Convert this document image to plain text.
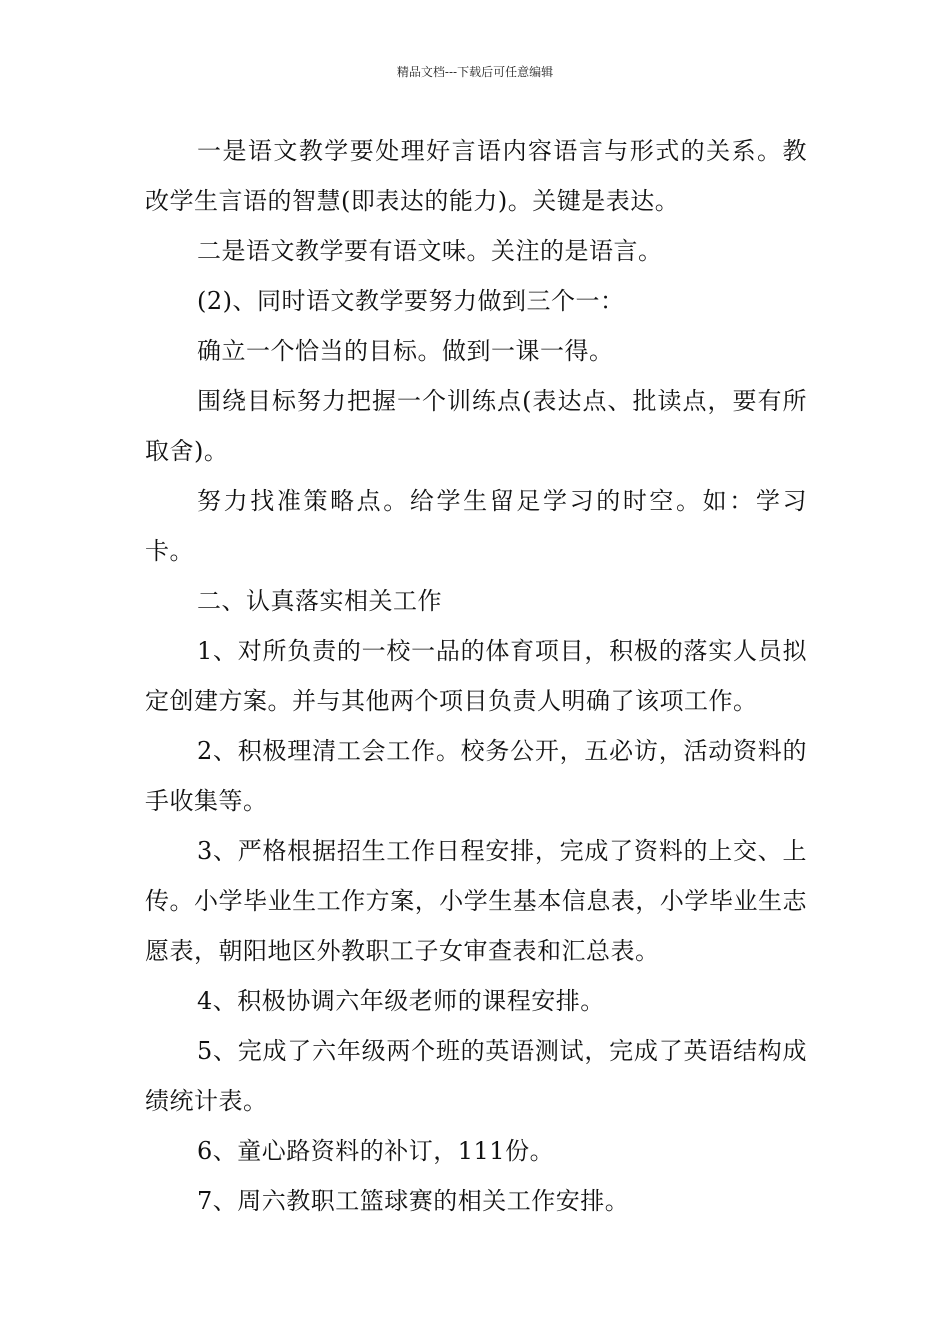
精品文档---下载后可任意编辑

一是语文教学要处理好言语内容语言与形式的关系。教改学生言语的智慧(即表达的能力)。关键是表达。

二是语文教学要有语文味。关注的是语言。

(2)、同时语文教学要努力做到三个一：

确立一个恰当的目标。做到一课一得。

围绕目标努力把握一个训练点(表达点、批读点，要有所取舍)。

努力找准策略点。给学生留足学习的时空。如：学习卡。

二、认真落实相关工作

1、对所负责的一校一品的体育项目，积极的落实人员拟定创建方案。并与其他两个项目负责人明确了该项工作。

2、积极理清工会工作。校务公开，五必访，活动资料的手收集等。

3、严格根据招生工作日程安排，完成了资料的上交、上传。小学毕业生工作方案，小学生基本信息表，小学毕业生志愿表，朝阳地区外教职工子女审查表和汇总表。

4、积极协调六年级老师的课程安排。

5、完成了六年级两个班的英语测试，完成了英语结构成绩统计表。

6、童心路资料的补订，111份。

7、周六教职工篮球赛的相关工作安排。
